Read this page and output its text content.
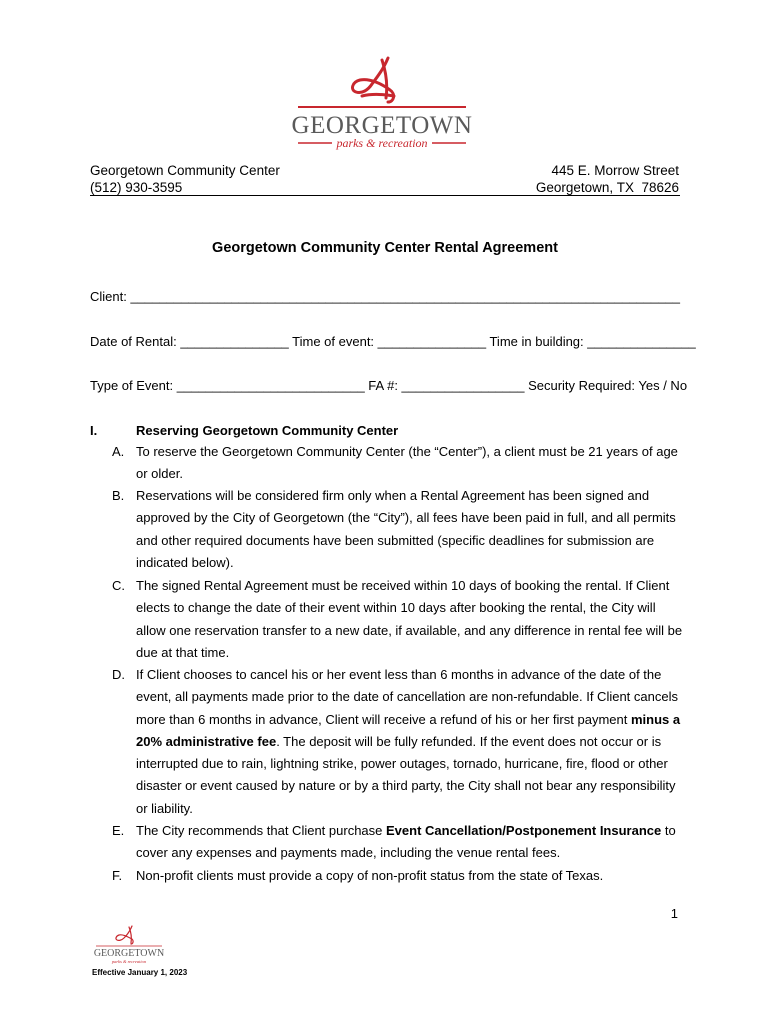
GEORGETOWN
parks & recreation
Georgetown Community Center
(512) 930-3595
445 E. Morrow Street
Georgetown, TX  78626
Georgetown Community Center Rental Agreement
Client: ____________________________________________________________________________
Date of Rental: _______________ Time of event: _______________ Time in building: _______________
Type of Event: __________________________ FA #: _________________ Security Required: Yes / No
I.	Reserving Georgetown Community Center
A. To reserve the Georgetown Community Center (the “Center”), a client must be 21 years of age or older.
B. Reservations will be considered firm only when a Rental Agreement has been signed and approved by the City of Georgetown (the “City”), all fees have been paid in full, and all permits and other required documents have been submitted (specific deadlines for submission are indicated below).
C. The signed Rental Agreement must be received within 10 days of booking the rental. If Client elects to change the date of their event within 10 days after booking the rental, the City will allow one reservation transfer to a new date, if available, and any difference in rental fee will be due at that time.
D. If Client chooses to cancel his or her event less than 6 months in advance of the date of the event, all payments made prior to the date of cancellation are non-refundable. If Client cancels more than 6 months in advance, Client will receive a refund of his or her first payment minus a 20% administrative fee. The deposit will be fully refunded. If the event does not occur or is interrupted due to rain, lightning strike, power outages, tornado, hurricane, fire, flood or other disaster or event caused by nature or by a third party, the City shall not bear any responsibility or liability.
E. The City recommends that Client purchase Event Cancellation/Postponement Insurance to cover any expenses and payments made, including the venue rental fees.
F. Non-profit clients must provide a copy of non-profit status from the state of Texas.
1
GEORGETOWN
parks & recreation
Effective January 1, 2023
